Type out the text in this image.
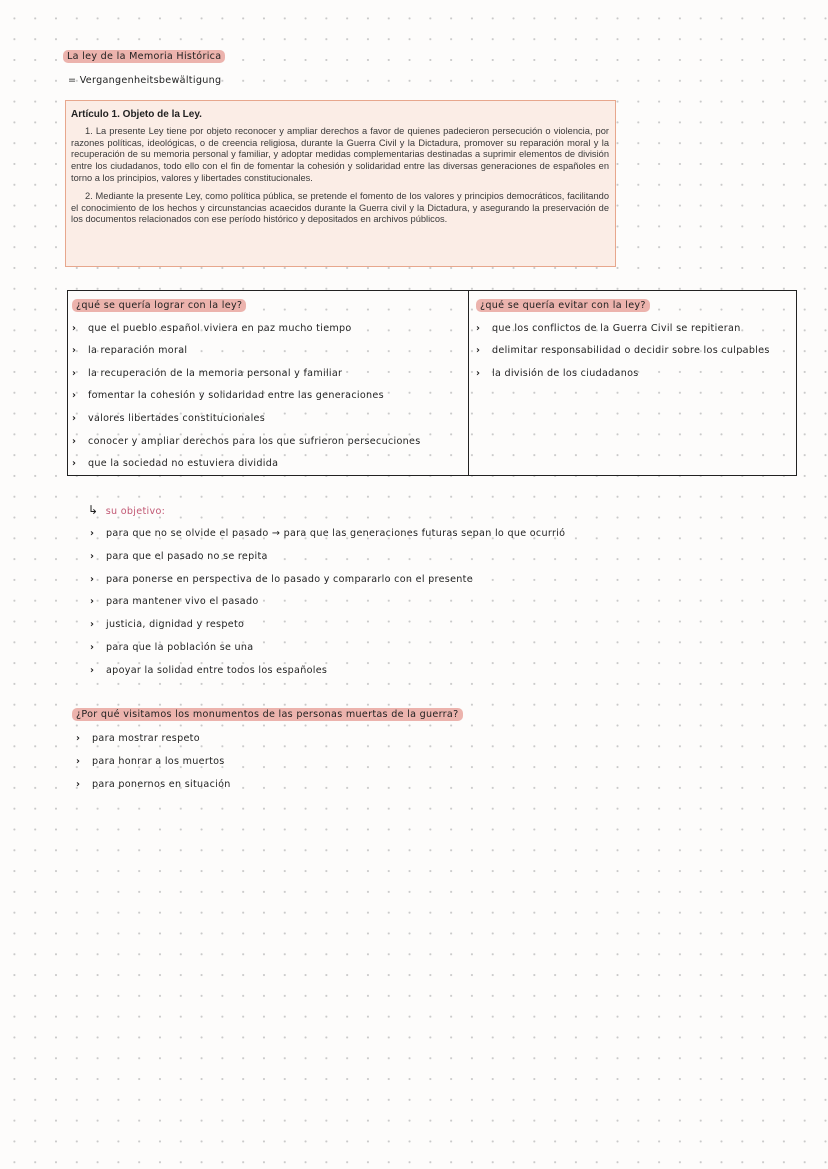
La ley de la Memoria Histórica
= Vergangenheitsbewältigung
Artículo 1. Objeto de la Ley.

1. La presente Ley tiene por objeto reconocer y ampliar derechos a favor de quienes padecieron persecución o violencia, por razones políticas, ideológicas, o de creencia religiosa, durante la Guerra Civil y la Dictadura, promover su reparación moral y la recuperación de su memoria personal y familiar, y adoptar medidas complementarias destinadas a suprimir elementos de división entre los ciudadanos, todo ello con el fin de fomentar la cohesión y solidaridad entre las diversas generaciones de españoles en torno a los principios, valores y libertades constitucionales.

2. Mediante la presente Ley, como política pública, se pretende el fomento de los valores y principios democráticos, facilitando el conocimiento de los hechos y circunstancias acaecidos durante la Guerra civil y la Dictadura, y asegurando la preservación de los documentos relacionados con ese período histórico y depositados en archivos públicos.

¿qué se quería lograr con la ley?
› que el pueblo español viviera en paz mucho tiempo
› la reparación moral
› la recuperación de la memoria personal y familiar
› fomentar la cohesión y solidaridad entre las generaciones
› valores libertades constitucionales
› conocer y ampliar derechos para los que sufrieron persecuciones
› que la sociedad no estuviera dividida
¿qué se quería evitar con la ley?
› que los conflictos de la Guerra Civil se repitieran
› delimitar responsabilidad o decidir sobre los culpables
› la división de los ciudadanos
↳ su objetivo:
› para que no se olvide el pasado → para que las generaciones futuras sepan lo que ocurrió
› para que el pasado no se repita
› para ponerse en perspectiva de lo pasado y compararlo con el presente
› para mantener vivo el pasado
› justicia, dignidad y respeto
› para que la población se una
› apoyar la solidad entre todos los españoles
¿Por qué visitamos los monumentos de las personas muertas de la guerra?
› para mostrar respeto
› para honrar a los muertos
› para ponernos en situación
